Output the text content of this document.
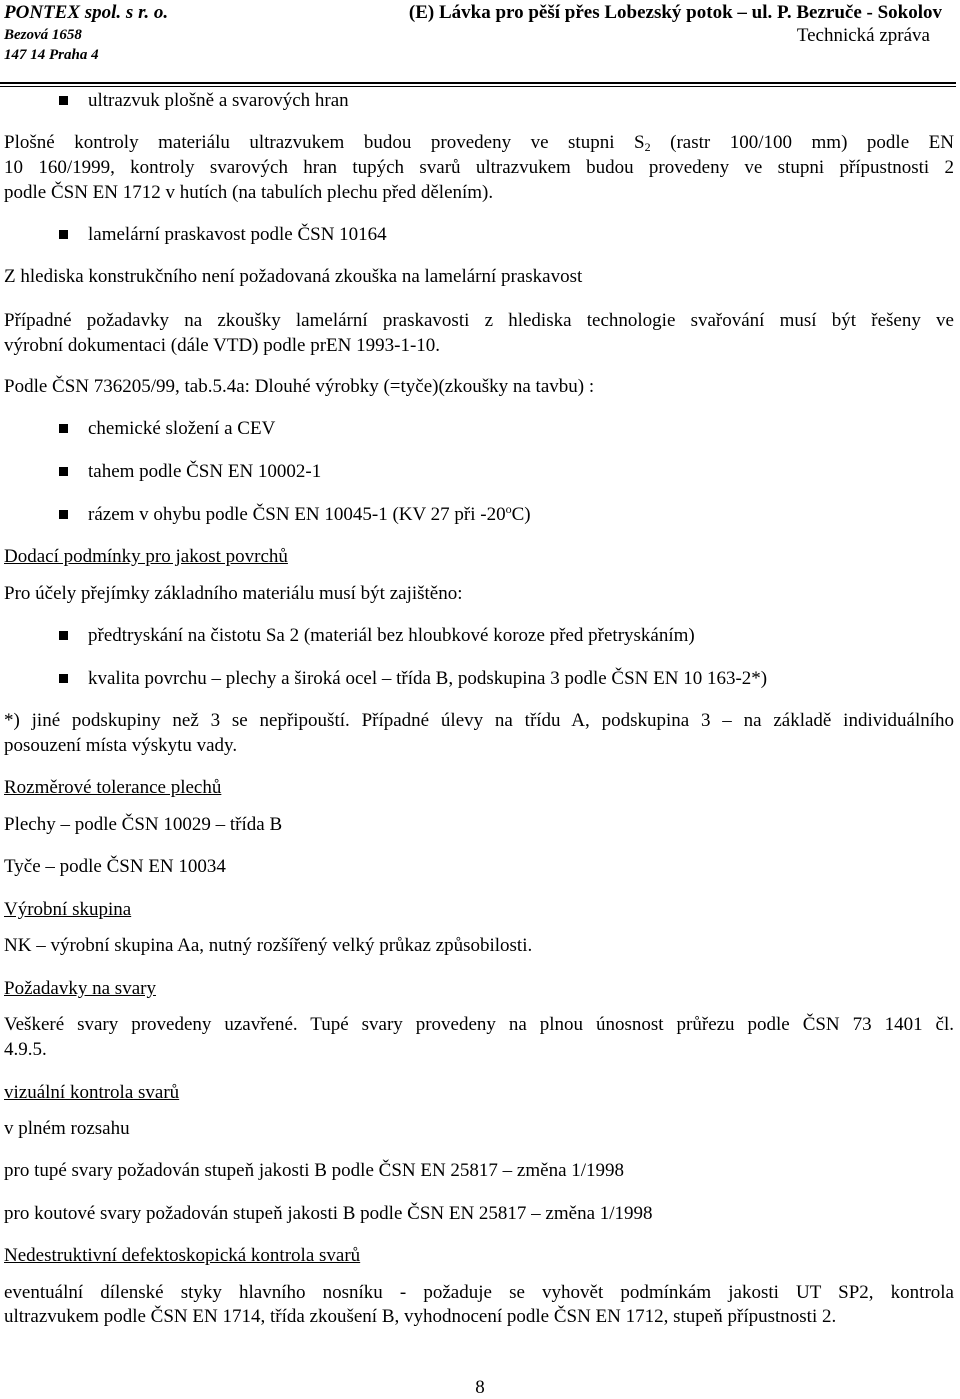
PONTEX spol. s r. o.
Bezová 1658
147 14 Praha 4
(E) Lávka pro pěší přes Lobezský potok – ul. P. Bezruče - Sokolov
Technická zpráva
ultrazvuk plošně a svarových hran
Plošné kontroly materiálu ultrazvukem budou provedeny ve stupni $S_2$ (rastr 100/100 mm) podle EN
10 160/1999, kontroly svarových hran tupých svarů ultrazvukem budou provedeny ve stupni přípustnosti 2
podle ČSN EN 1712 v hutích (na tabulích plechu před dělením).
lamelární praskavost podle ČSN 10164
Z hlediska konstrukčního není požadovaná zkouška na lamelární praskavost
Případné požadavky na zkoušky lamelární praskavosti z hlediska technologie svařování musí být řešeny ve
výrobní dokumentaci (dále VTD) podle prEN 1993-1-10.
Podle ČSN 736205/99, tab.5.4a: Dlouhé výrobky (=tyče)(zkoušky na tavbu) :
chemické složení a CEV
tahem podle ČSN EN 10002-1
rázem v ohybu podle ČSN EN 10045-1 (KV 27 při -20$^o$C)
Dodací podmínky pro jakost povrchů
Pro účely přejímky základního materiálu musí být zajištěno:
předtryskání na čistotu Sa 2 (materiál bez hloubkové koroze před přetryskáním)
kvalita povrchu – plechy a široká ocel – třída B, podskupina 3 podle ČSN EN 10 163-2*)
*) jiné podskupiny než 3 se nepřipouští. Případné úlevy na třídu A, podskupina 3 – na základě individuálního
posouzení místa výskytu vady.
Rozměrové tolerance plechů
Plechy – podle ČSN 10029 – třída B
Tyče – podle ČSN EN 10034
Výrobní skupina
NK – výrobní skupina Aa, nutný rozšířený velký průkaz způsobilosti.
Požadavky na svary
Veškeré svary provedeny uzavřené. Tupé svary provedeny na plnou únosnost průřezu podle ČSN 73 1401 čl.
4.9.5.
vizuální kontrola svarů
v plném rozsahu
pro tupé svary požadován stupeň jakosti B podle ČSN EN 25817 – změna 1/1998
pro koutové svary požadován stupeň jakosti B podle ČSN EN 25817 – změna 1/1998
Nedestruktivní defektoskopická kontrola svarů
eventuální dílenské styky hlavního nosníku - požaduje se vyhovět podmínkám jakosti UT SP2, kontrola
ultrazvukem podle ČSN EN 1714, třída zkoušení B, vyhodnocení podle ČSN EN 1712, stupeň přípustnosti 2.
8
